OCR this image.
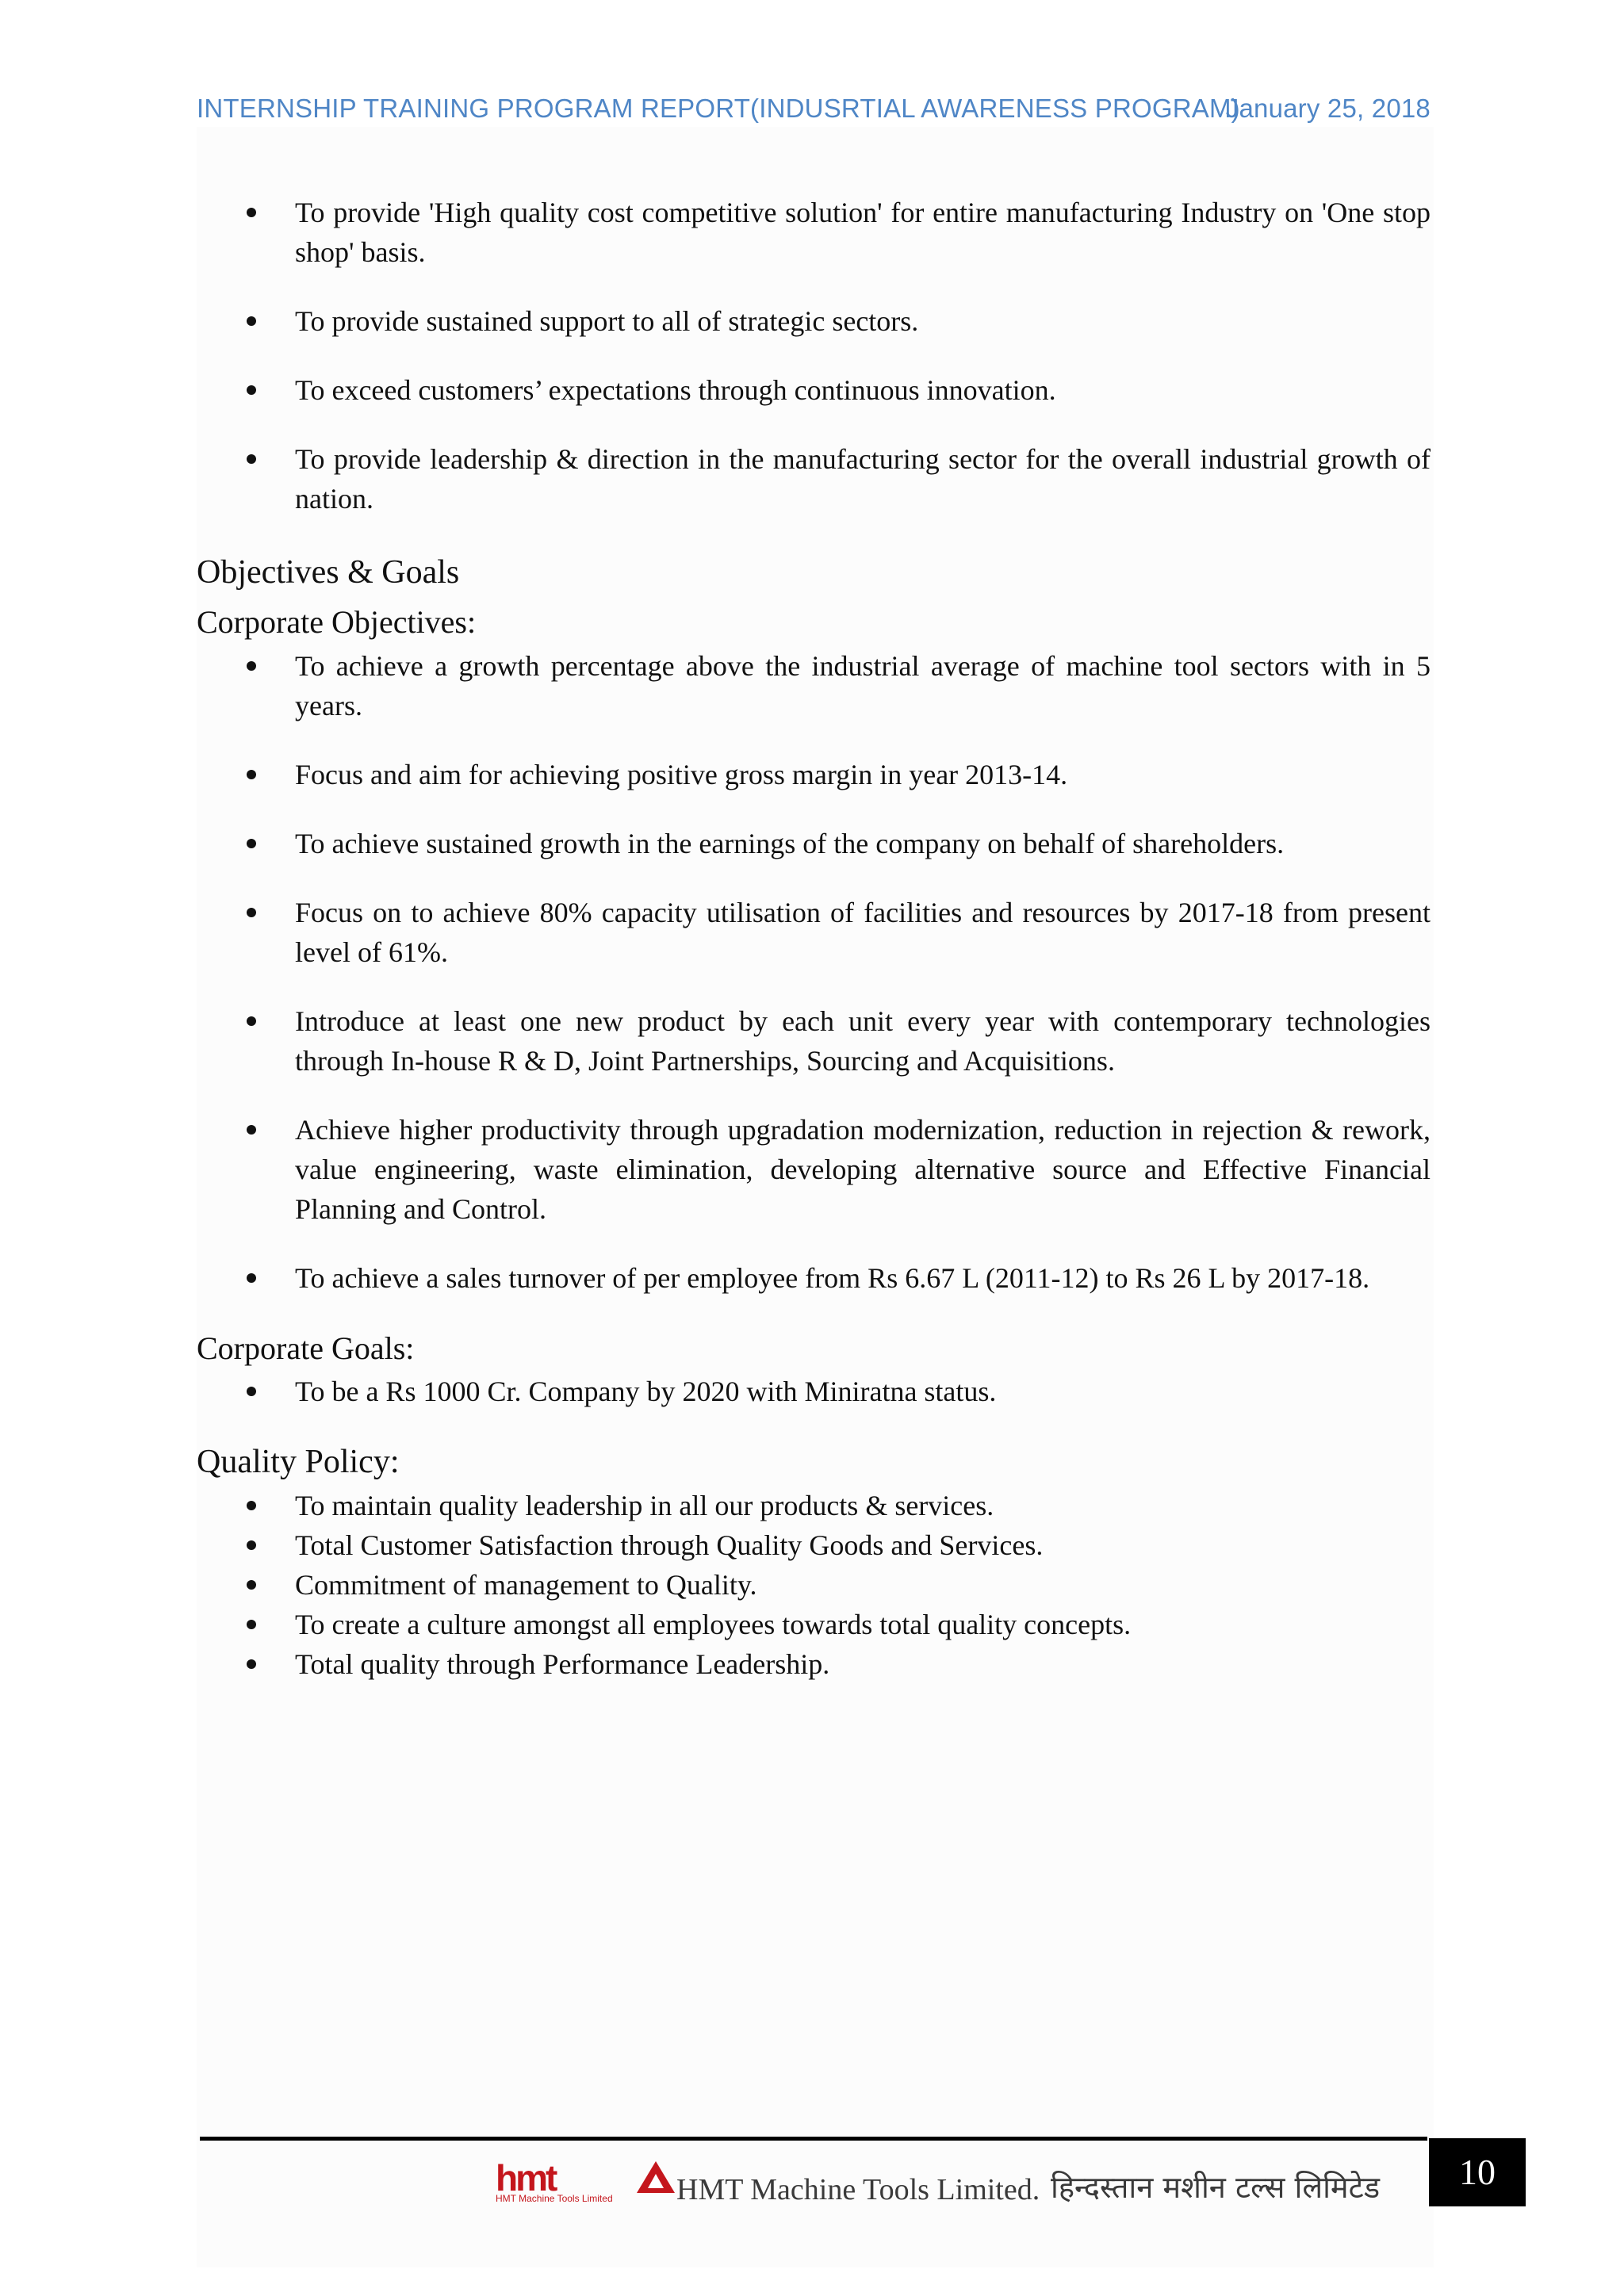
INTERNSHIP TRAINING PROGRAM REPORT(INDUSRTIAL AWARENESS PROGRAM)
January 25, 2018
To provide 'High quality cost competitive solution' for entire manufacturing Industry on 'One stop shop' basis.
To provide sustained support to all of strategic sectors.
To exceed customers’ expectations through continuous innovation.
To provide leadership & direction in the manufacturing sector for the overall industrial growth of nation.
Objectives & Goals
Corporate Objectives:
To achieve a growth percentage above the industrial average of machine tool sectors with in 5 years.
Focus and aim for achieving positive gross margin in year 2013-14.
To achieve sustained growth in the earnings of the company on behalf of shareholders.
Focus on to achieve 80% capacity utilisation of facilities and resources by 2017-18 from present level of 61%.
Introduce at least one new product by each unit every year with contemporary technologies through In-house R & D, Joint Partnerships, Sourcing and Acquisitions.
Achieve higher productivity through upgradation modernization, reduction in rejection & rework, value engineering, waste elimination, developing alternative source and Effective Financial Planning and Control.
To achieve a sales turnover of per employee from Rs 6.67 L (2011-12) to Rs 26 L by 2017-18.
Corporate Goals:
To be a Rs 1000 Cr. Company by 2020 with Miniratna status.
Quality Policy:
To maintain quality leadership in all our products & services.
Total Customer Satisfaction through Quality Goods and Services.
Commitment of management to Quality.
To create a culture amongst all employees towards total quality concepts.
Total quality through Performance Leadership.
hmt
HMT Machine Tools Limited HMT Machine Tools Limited. हिन्दस्तान मशीन टल्स लिमिटेड	10
